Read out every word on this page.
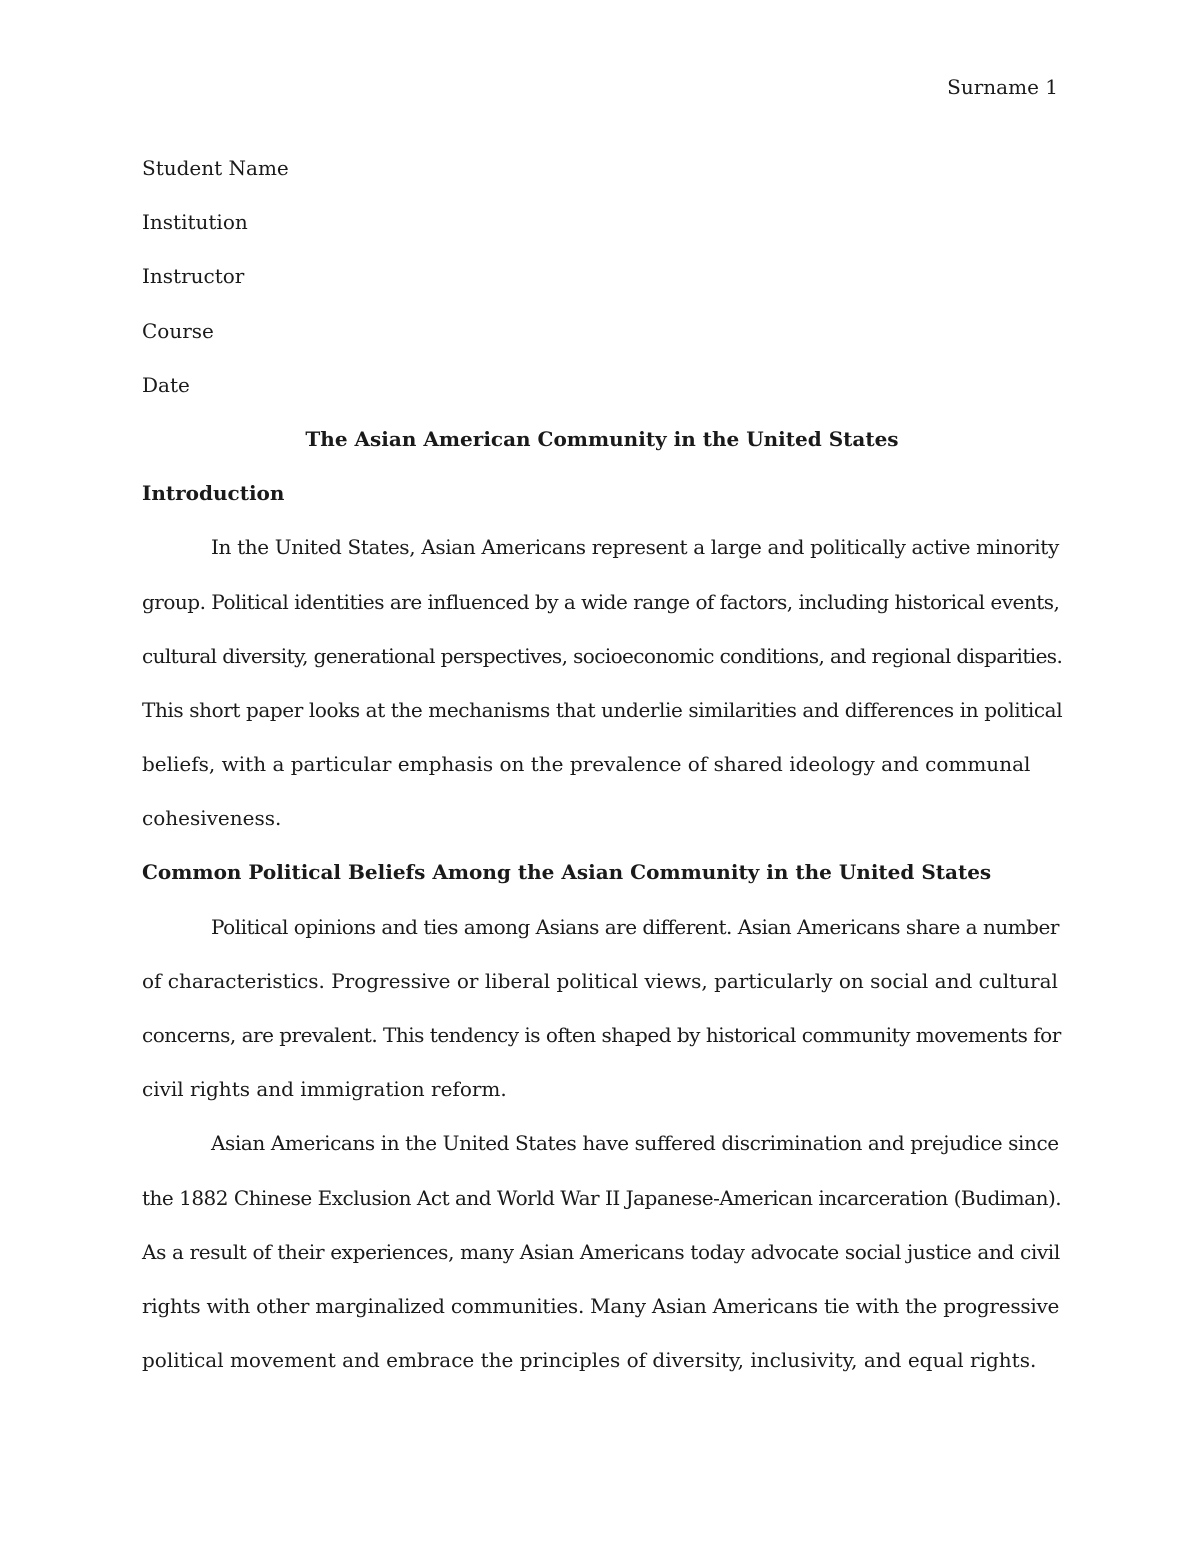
Surname 1
Student Name
Institution
Instructor
Course
Date
The Asian American Community in the United States
Introduction
In the United States, Asian Americans represent a large and politically active minority
group. Political identities are influenced by a wide range of factors, including historical events,
cultural diversity, generational perspectives, socioeconomic conditions, and regional disparities.
This short paper looks at the mechanisms that underlie similarities and differences in political
beliefs, with a particular emphasis on the prevalence of shared ideology and communal
cohesiveness.
Common Political Beliefs Among the Asian Community in the United States
Political opinions and ties among Asians are different. Asian Americans share a number
of characteristics. Progressive or liberal political views, particularly on social and cultural
concerns, are prevalent. This tendency is often shaped by historical community movements for
civil rights and immigration reform.
Asian Americans in the United States have suffered discrimination and prejudice since
the 1882 Chinese Exclusion Act and World War II Japanese-American incarceration (Budiman).
As a result of their experiences, many Asian Americans today advocate social justice and civil
rights with other marginalized communities. Many Asian Americans tie with the progressive
political movement and embrace the principles of diversity, inclusivity, and equal rights.
